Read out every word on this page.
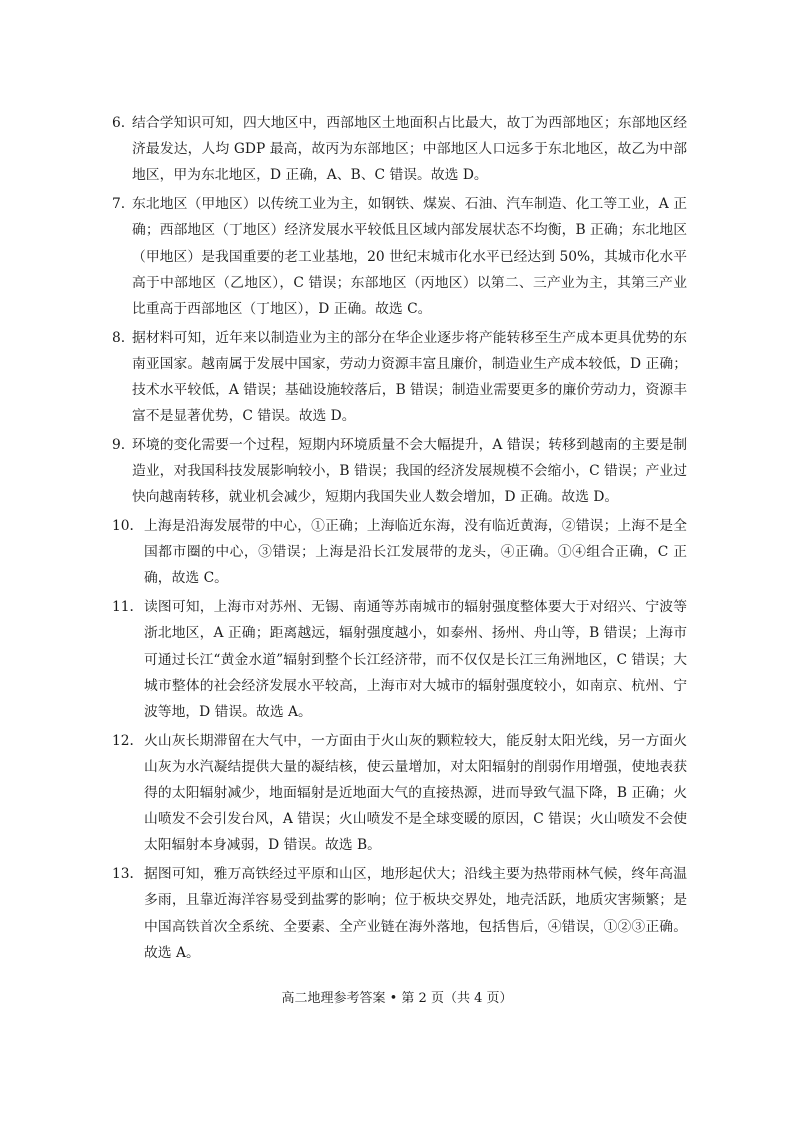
6. 结合学知识可知，四大地区中，西部地区土地面积占比最大，故丁为西部地区；东部地区经济最发达，人均 GDP 最高，故丙为东部地区；中部地区人口远多于东北地区，故乙为中部地区，甲为东北地区，D 正确，A、B、C 错误。故选 D。
7. 东北地区（甲地区）以传统工业为主，如钢铁、煤炭、石油、汽车制造、化工等工业，A 正确；西部地区（丁地区）经济发展水平较低且区域内部发展状态不均衡，B 正确；东北地区（甲地区）是我国重要的老工业基地，20 世纪末城市化水平已经达到 50%，其城市化水平高于中部地区（乙地区），C 错误；东部地区（丙地区）以第二、三产业为主，其第三产业比重高于西部地区（丁地区），D 正确。故选 C。
8. 据材料可知，近年来以制造业为主的部分在华企业逐步将产能转移至生产成本更具优势的东南亚国家。越南属于发展中国家，劳动力资源丰富且廉价，制造业生产成本较低，D 正确；技术水平较低，A 错误；基础设施较落后，B 错误；制造业需要更多的廉价劳动力，资源丰富不是显著优势，C 错误。故选 D。
9. 环境的变化需要一个过程，短期内环境质量不会大幅提升，A 错误；转移到越南的主要是制造业，对我国科技发展影响较小，B 错误；我国的经济发展规模不会缩小，C 错误；产业过快向越南转移，就业机会减少，短期内我国失业人数会增加，D 正确。故选 D。
10． 上海是沿海发展带的中心，①正确；上海临近东海，没有临近黄海，②错误；上海不是全国都市圈的中心，③错误；上海是沿长江发展带的龙头，④正确。①④组合正确，C 正确，故选 C。
11． 读图可知，上海市对苏州、无锡、南通等苏南城市的辐射强度整体要大于对绍兴、宁波等浙北地区，A 正确；距离越远，辐射强度越小，如泰州、扬州、舟山等，B 错误；上海市可通过长江“黄金水道”辐射到整个长江经济带，而不仅仅是长江三角洲地区，C 错误；大城市整体的社会经济发展水平较高，上海市对大城市的辐射强度较小，如南京、杭州、宁波等地，D 错误。故选 A。
12． 火山灰长期滞留在大气中，一方面由于火山灰的颗粒较大，能反射太阳光线，另一方面火山灰为水汽凝结提供大量的凝结核，使云量增加，对太阳辐射的削弱作用增强，使地表获得的太阳辐射减少，地面辐射是近地面大气的直接热源，进而导致气温下降，B 正确；火山喷发不会引发台风，A 错误；火山喷发不是全球变暖的原因，C 错误；火山喷发不会使太阳辐射本身减弱，D 错误。故选 B。
13． 据图可知，雅万高铁经过平原和山区，地形起伏大；沿线主要为热带雨林气候，终年高温多雨，且靠近海洋容易受到盐雾的影响；位于板块交界处，地壳活跃，地质灾害频繁；是中国高铁首次全系统、全要素、全产业链在海外落地，包括售后，④错误，①②③正确。故选 A。
高二地理参考答案 • 第 2 页（共 4 页）
